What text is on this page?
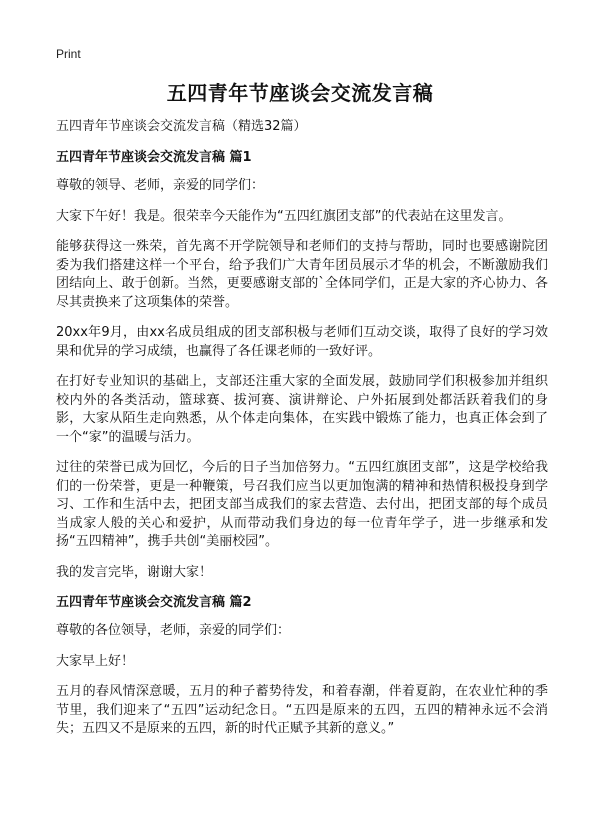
Print
五四青年节座谈会交流发言稿

五四青年节座谈会交流发言稿（精选32篇）

五四青年节座谈会交流发言稿 篇1

尊敬的领导、老师，亲爱的同学们：

大家下午好！我是。很荣幸今天能作为“五四红旗团支部”的代表站在这里发言。

能够获得这一殊荣，首先离不开学院领导和老师们的支持与帮助，同时也要感谢院团委为我们搭建这样一个平台，给予我们广大青年团员展示才华的机会，不断激励我们团结向上、敢于创新。当然，更要感谢支部的`全体同学们，正是大家的齐心协力、各尽其责换来了这项集体的荣誉。

20xx年9月，由xx名成员组成的团支部积极与老师们互动交谈，取得了良好的学习效果和优异的学习成绩，也赢得了各任课老师的一致好评。

在打好专业知识的基础上，支部还注重大家的全面发展，鼓励同学们积极参加并组织校内外的各类活动，篮球赛、拔河赛、演讲辩论、户外拓展到处都活跃着我们的身影，大家从陌生走向熟悉，从个体走向集体，在实践中锻炼了能力，也真正体会到了一个“家”的温暖与活力。

过往的荣誉已成为回忆，今后的日子当加倍努力。“五四红旗团支部”，这是学校给我们的一份荣誉，更是一种鞭策，号召我们应当以更加饱满的精神和热情积极投身到学习、工作和生活中去，把团支部当成我们的家去营造、去付出，把团支部的每个成员当成家人般的关心和爱护，从而带动我们身边的每一位青年学子，进一步继承和发扬“五四精神”，携手共创“美丽校园”。

我的发言完毕，谢谢大家！

五四青年节座谈会交流发言稿 篇2

尊敬的各位领导，老师，亲爱的同学们：

大家早上好！

五月的春风情深意暖，五月的种子蓄势待发，和着春潮，伴着夏韵，在农业忙种的季节里，我们迎来了“五四”运动纪念日。“五四是原来的五四，五四的精神永远不会消失；五四又不是原来的五四，新的时代正赋予其新的意义。”
